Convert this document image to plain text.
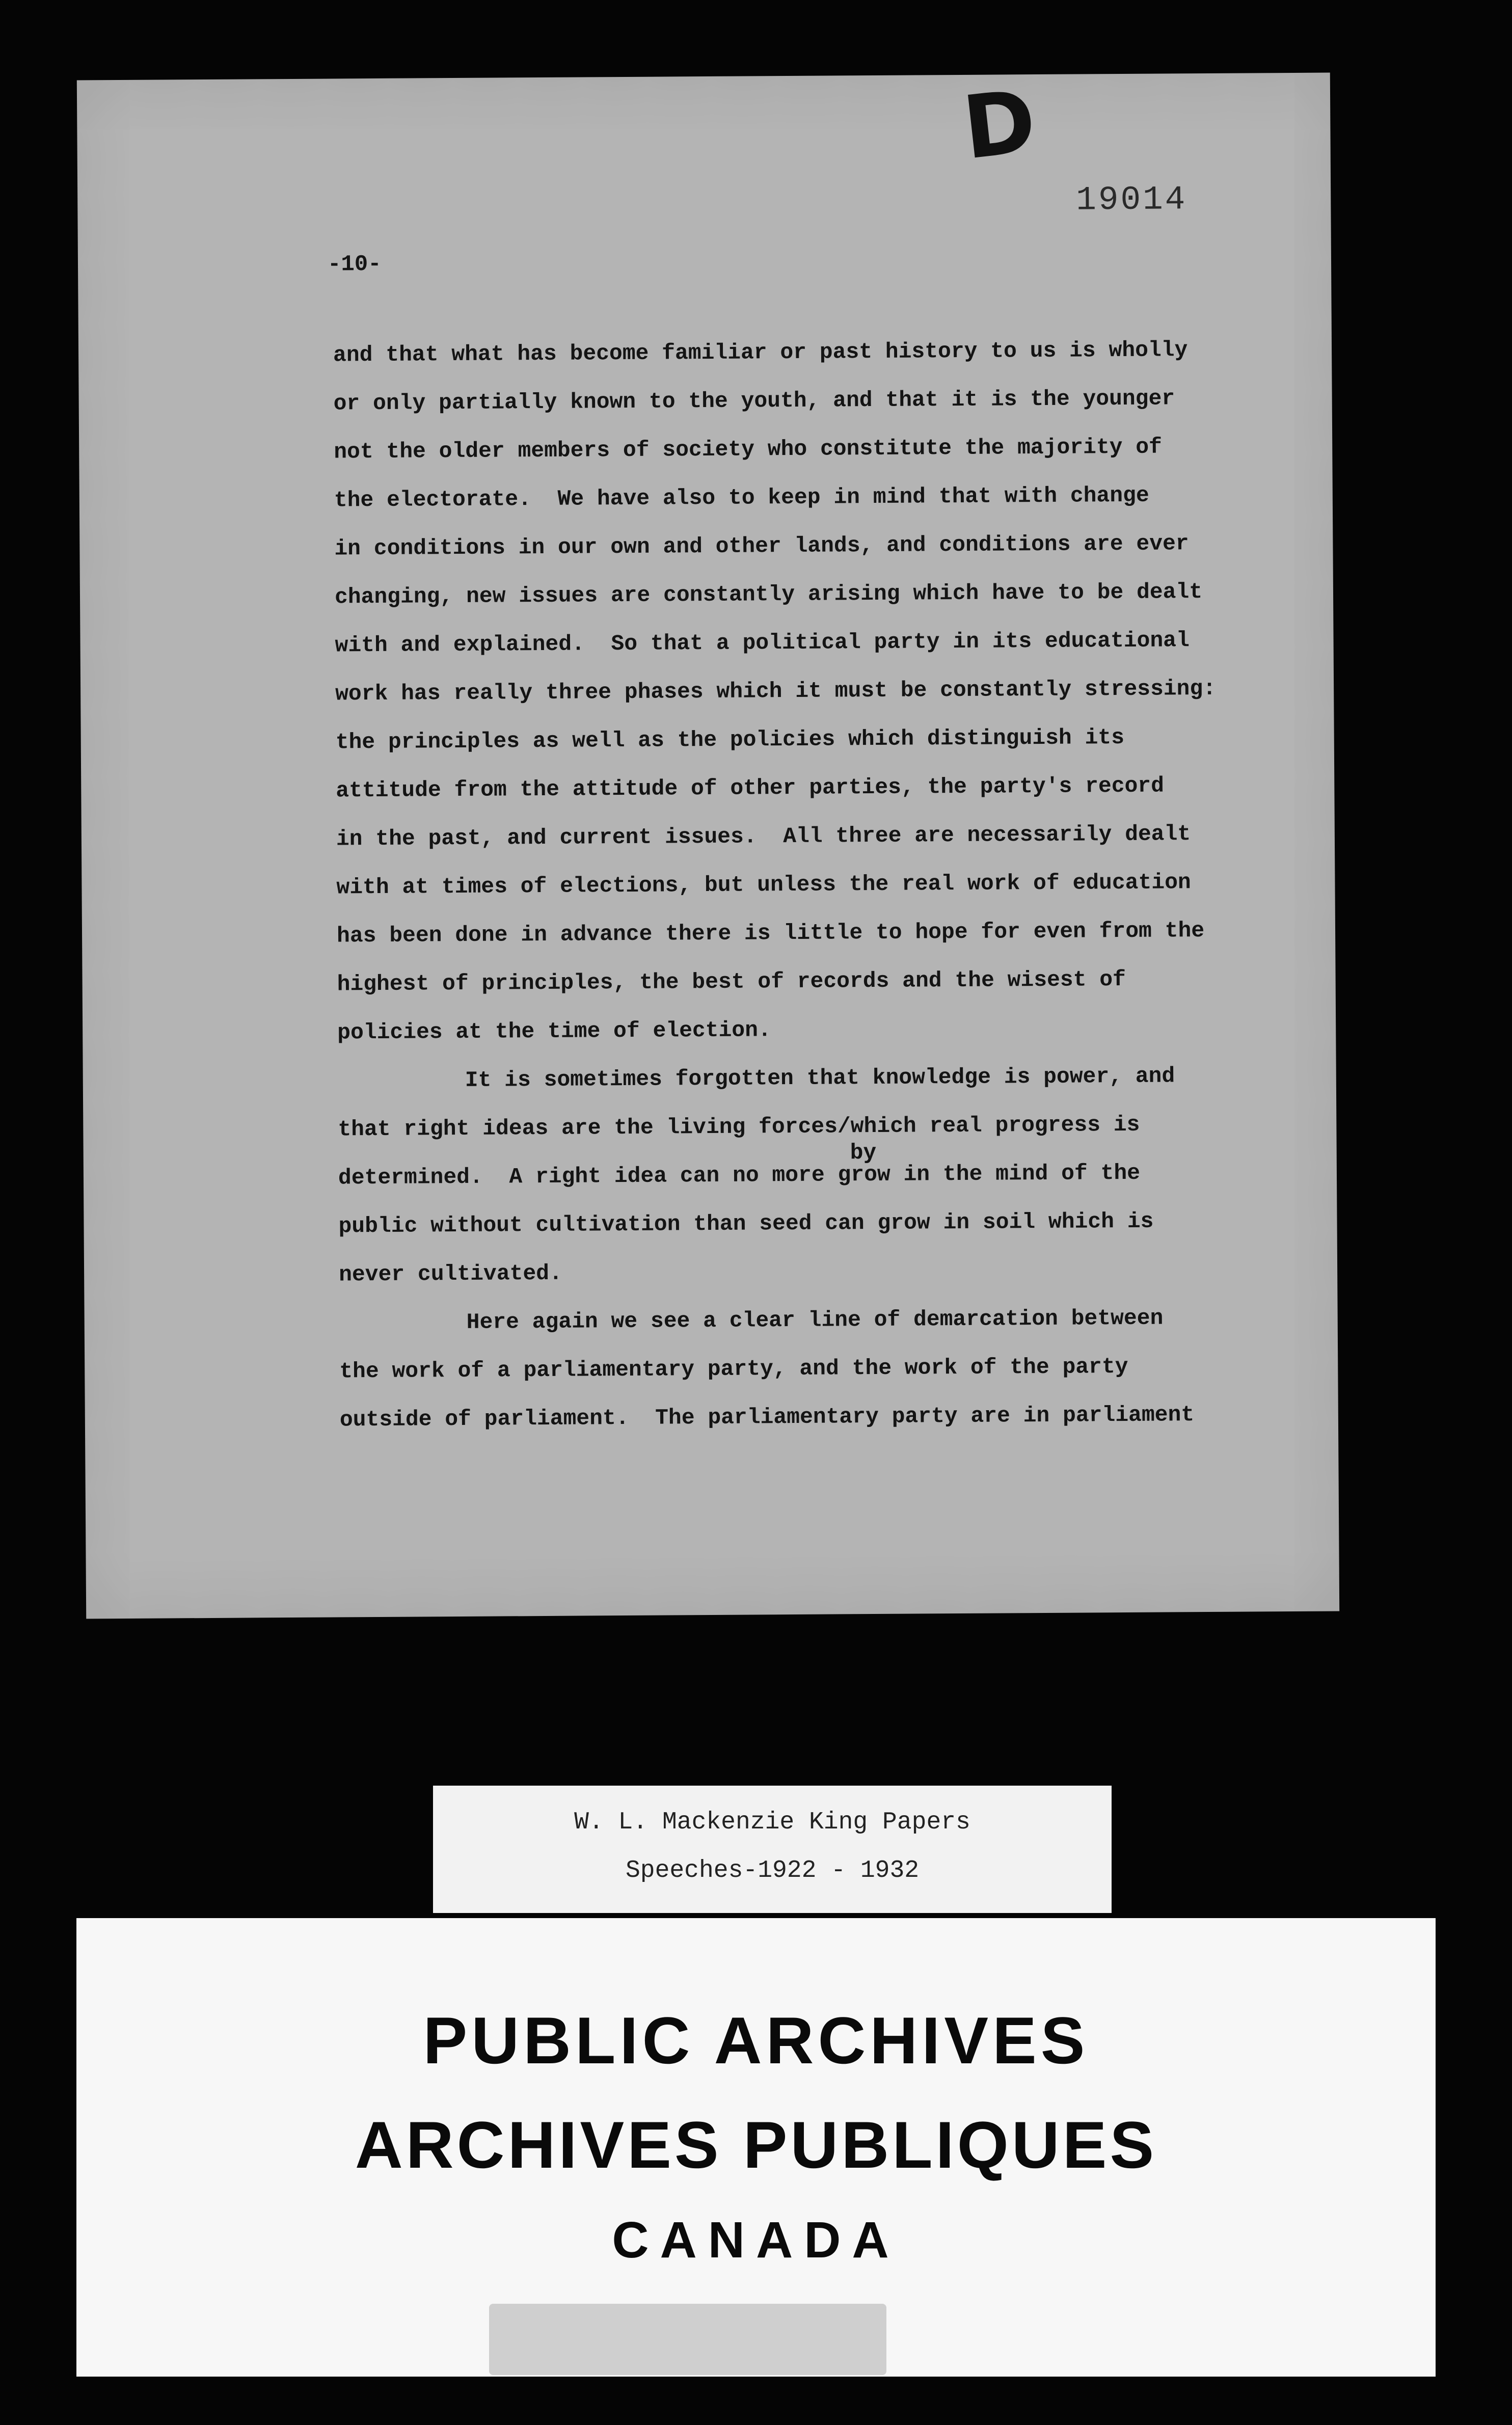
D
19014
-10-
by
and that what has become familiar or past history to us is wholly
or only partially known to the youth, and that it is the younger
not the older members of society who constitute the majority of
the electorate.  We have also to keep in mind that with change
in conditions in our own and other lands, and conditions are ever
changing, new issues are constantly arising which have to be dealt
with and explained.  So that a political party in its educational
work has really three phases which it must be constantly stressing:
the principles as well as the policies which distinguish its
attitude from the attitude of other parties, the party's record
in the past, and current issues.  All three are necessarily dealt
with at times of elections, but unless the real work of education
has been done in advance there is little to hope for even from the
highest of principles, the best of records and the wisest of
policies at the time of election.
It is sometimes forgotten that knowledge is power, and
that right ideas are the living forces/which real progress is
determined.  A right idea can no more grow in the mind of the
public without cultivation than seed can grow in soil which is
never cultivated.
Here again we see a clear line of demarcation between
the work of a parliamentary party, and the work of the party
outside of parliament.  The parliamentary party are in parliament
W. L. Mackenzie King Papers
Speeches-1922 - 1932
PUBLIC ARCHIVES
ARCHIVES PUBLIQUES
CANADA
